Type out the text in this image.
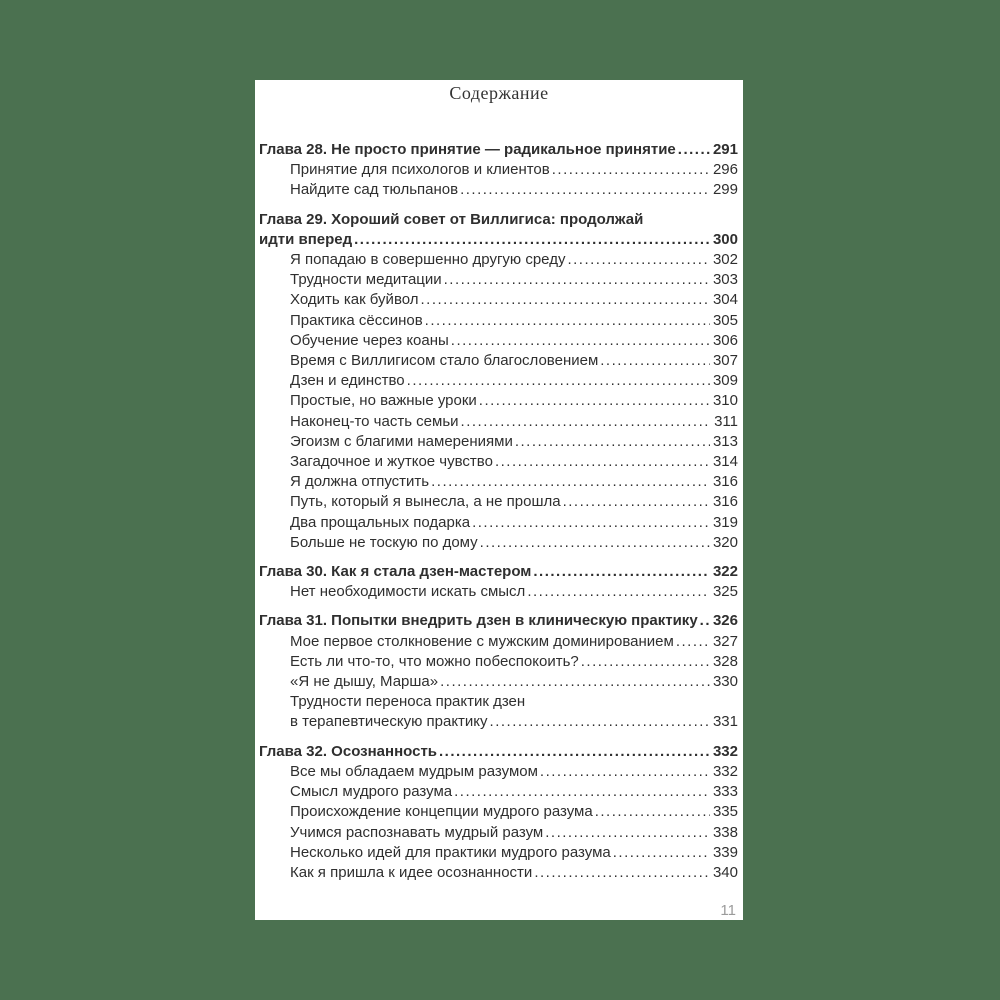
Содержание
Глава 28. Не просто принятие — радикальное принятие ..... 291
Принятие для психологов и клиентов .....	296
Найдите сад тюльпанов .....	299
Глава 29. Хороший совет от Виллигиса: продолжай
идти вперед .....	300
Я попадаю в совершенно другую среду .....	302
Трудности медитации .....	303
Ходить как буйвол .....	304
Практика сёссинов .....	305
Обучение через коаны .....	306
Время с Виллигисом стало благословением .....	307
Дзен и единство .....	309
Простые, но важные уроки .....	310
Наконец-то часть семьи .....	311
Эгоизм с благими намерениями .....	313
Загадочное и жуткое чувство .....	314
Я должна отпустить .....	316
Путь, который я вынесла, а не прошла .....	316
Два прощальных подарка .....	319
Больше не тоскую по дому .....	320
Глава 30. Как я стала дзен-мастером .....	322
Нет необходимости искать смысл .....	325
Глава 31. Попытки внедрить дзен в клиническую практику ..... 326
Мое первое столкновение с мужским доминированием .....	327
Есть ли что-то, что можно побеспокоить? .....	328
«Я не дышу, Марша» .....	330
Трудности переноса практик дзен
в терапевтическую практику .....	331
Глава 32. Осознанность .....	332
Все мы обладаем мудрым разумом .....	332
Смысл мудрого разума .....	333
Происхождение концепции мудрого разума .....	335
Учимся распознавать мудрый разум .....	338
Несколько идей для практики мудрого разума .....	339
Как я пришла к идее осознанности .....	340
11
